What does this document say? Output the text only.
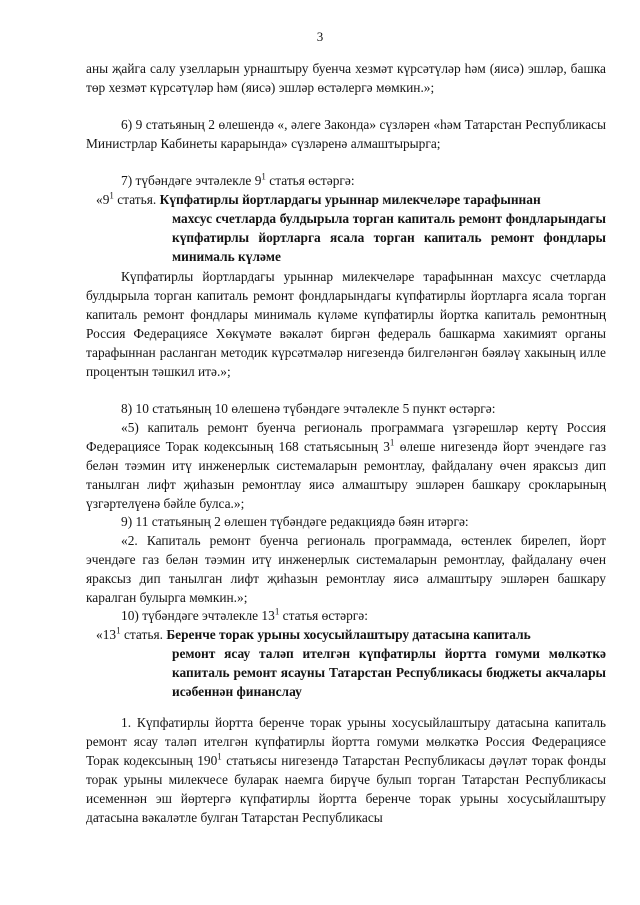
3

аны җайга салу узелларын урнаштыру буенча хезмәт күрсәтүләр һәм (яисә) эшләр, башка төр хезмәт күрсәтүләр һәм (яисә) эшләр өстәлергә мөмкин.»;

6) 9 статьяның 2 өлешендә «, әлеге Законда» сүзләрен «һәм Татарстан Республикасы Министрлар Кабинеты карарында» сүзләренә алмаштырырга;

7) түбәндәге эчтәлекле $9^1$ статья өстәргә:

«$9^1$ статья. Күпфатирлы йортлардагы урыннар милекчеләре тарафыннан
махсус счетларда булдырыла торган капиталь ремонт фондларындагы күпфатирлы йортларга ясала торган капиталь ремонт фондлары минималь күләме

Күпфатирлы йортлардагы урыннар милекчеләре тарафыннан махсус счетларда булдырыла торган капиталь ремонт фондларындагы күпфатирлы йортларга ясала торган капиталь ремонт фондлары минималь күләме күпфатирлы йортка капиталь ремонтның Россия Федерациясе Хөкүмәте вәкаләт биргән федераль башкарма хакимият органы тарафыннан расланган методик күрсәтмәләр нигезендә билгеләнгән бәяләү хакының илле процентын тәшкил итә.»;

8) 10 статьяның 10 өлешенә түбәндәге эчтәлекле 5 пункт өстәргә:

«5) капиталь ремонт буенча региональ программага үзгәрешләр кертү Россия Федерациясе Торак кодексының 168 статьясының $3^1$ өлеше нигезендә йорт эчендәге газ белән тәэмин итү инженерлык системаларын ремонтлау, файдалану өчен яраксыз дип танылган лифт җиһазын ремонтлау яисә алмаштыру эшләрен башкару срокларының үзгәртелүенә бәйле булса.»;

9) 11 статьяның 2 өлешен түбәндәге редакциядә бәян итәргә:

«2. Капиталь ремонт буенча региональ программада, өстенлек бирелеп, йорт эчендәге газ белән тәэмин итү инженерлык системаларын ремонтлау, файдалану өчен яраксыз дип танылган лифт җиһазын ремонтлау яисә алмаштыру эшләрен башкару каралган булырга мөмкин.»;

10) түбәндәге эчтәлекле $13^1$ статья өстәргә:

«$13^1$ статья. Беренче торак урыны хосусыйлаштыру датасына капиталь
ремонт ясау таләп ителгән күпфатирлы йортта гомуми мөлкәткә капиталь ремонт ясауны Татарстан Республикасы бюджеты акчалары исәбеннән финанслау

1. Күпфатирлы йортта беренче торак урыны хосусыйлаштыру датасына капиталь ремонт ясау таләп ителгән күпфатирлы йортта гомуми мөлкәткә Россия Федерациясе Торак кодексының $190^1$ статьясы нигезендә Татарстан Республикасы дәүләт торак фонды торак урыны милекчесе буларак наемга бирүче булып торган Татарстан Республикасы исеменнән эш йөртергә күпфатирлы йортта беренче торак урыны хосусыйлаштыру датасына вәкаләтле булган Татарстан Республикасы
